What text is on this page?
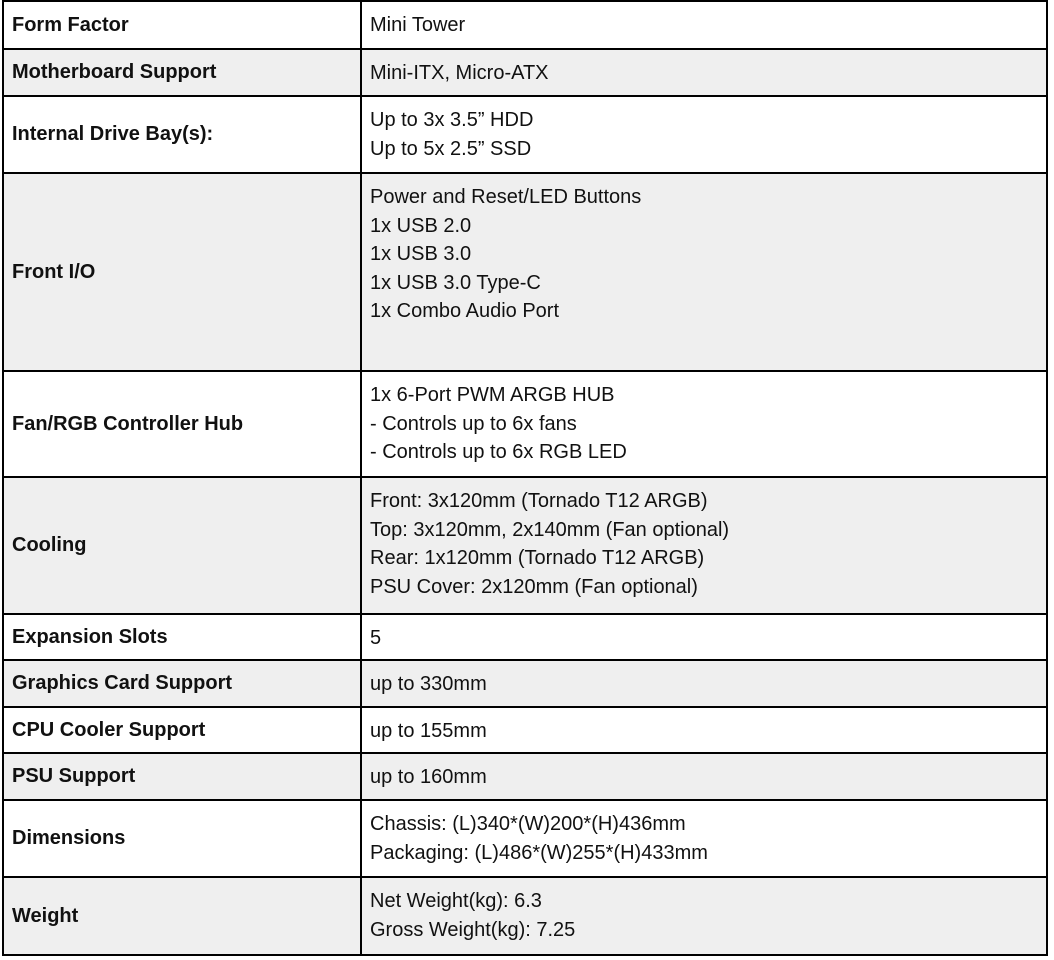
Form Factor	Mini Tower

Motherboard Support	Mini-ITX, Micro-ATX

Internal Drive Bay(s):	Up to 3x 3.5” HDD
Up to 5x 2.5” SSD

Front I/O	Power and Reset/LED Buttons
1x USB 2.0
1x USB 3.0
1x USB 3.0 Type-C
1x Combo Audio Port

Fan/RGB Controller Hub	1x 6-Port PWM ARGB HUB
- Controls up to 6x fans
- Controls up to 6x RGB LED

Cooling	Front: 3x120mm (Tornado T12 ARGB)
Top: 3x120mm, 2x140mm (Fan optional)
Rear: 1x120mm (Tornado T12 ARGB)
PSU Cover: 2x120mm (Fan optional)

Expansion Slots	5

Graphics Card Support	up to 330mm

CPU Cooler Support	up to 155mm

PSU Support	up to 160mm

Dimensions	Chassis: (L)340*(W)200*(H)436mm
Packaging: (L)486*(W)255*(H)433mm

Weight	Net Weight(kg): 6.3
Gross Weight(kg): 7.25
